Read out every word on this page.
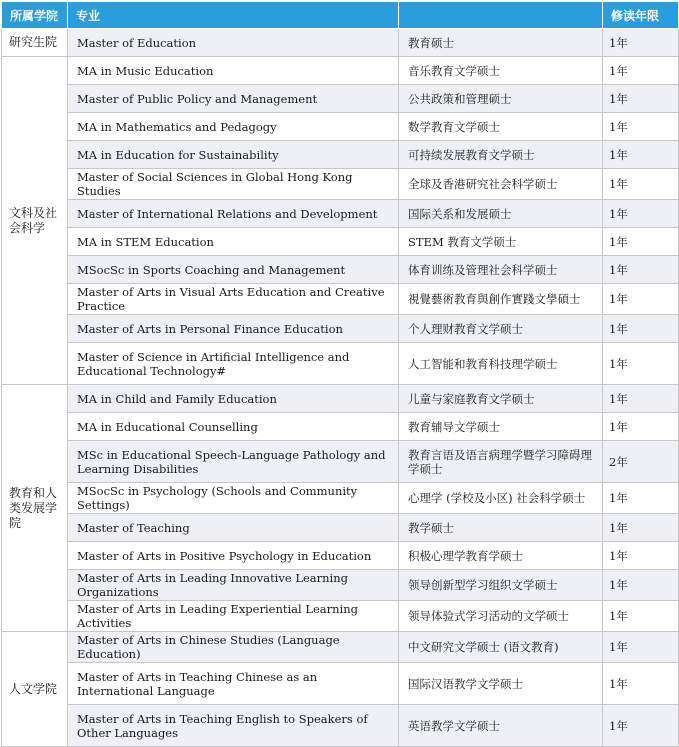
所属学院	专业		修读年限
研究生院	Master of Education	教育硕士	1年
文科及社会科学	MA in Music Education	音乐教育文学硕士	1年
	Master of Public Policy and Management	公共政策和管理硕士	1年
	MA in Mathematics and Pedagogy	数学教育文学硕士	1年
	MA in Education for Sustainability	可持续发展教育文学硕士	1年
	Master of Social Sciences in Global Hong Kong Studies	全球及香港研究社会科学硕士	1年
	Master of International Relations and Development	国际关系和发展硕士	1年
	MA in STEM Education	STEM 教育文学硕士	1年
	MSocSc in Sports Coaching and Management	体育训练及管理社会科学硕士	1年
	Master of Arts in Visual Arts Education and Creative Practice	視覺藝術教育與創作實踐文學碩士	1年
	Master of Arts in Personal Finance Education	个人理财教育文学硕士	1年
	Master of Science in Artificial Intelligence and Educational Technology#	人工智能和教育科技理学硕士	1年
教育和人类发展学院	MA in Child and Family Education	儿童与家庭教育文学硕士	1年
	MA in Educational Counselling	教育辅导文学硕士	1年
	MSc in Educational Speech-Language Pathology and Learning Disabilities	教育言语及语言病理学暨学习障碍理学硕士	2年
	MSocSc in Psychology (Schools and Community Settings)	心理学 (学校及小区) 社会科学硕士	1年
	Master of Teaching	教学硕士	1年
	Master of Arts in Positive Psychology in Education	积极心理学教育学硕士	1年
	Master of Arts in Leading Innovative Learning Organizations	领导创新型学习组织文学硕士	1年
	Master of Arts in Leading Experiential Learning Activities	领导体验式学习活动的文学硕士	1年
人文学院	Master of Arts in Chinese Studies (Language Education)	中文研究文学硕士 (语文教育)	1年
	Master of Arts in Teaching Chinese as an International Language	国际汉语教学文学硕士	1年
	Master of Arts in Teaching English to Speakers of Other Languages	英语教学文学硕士	1年
